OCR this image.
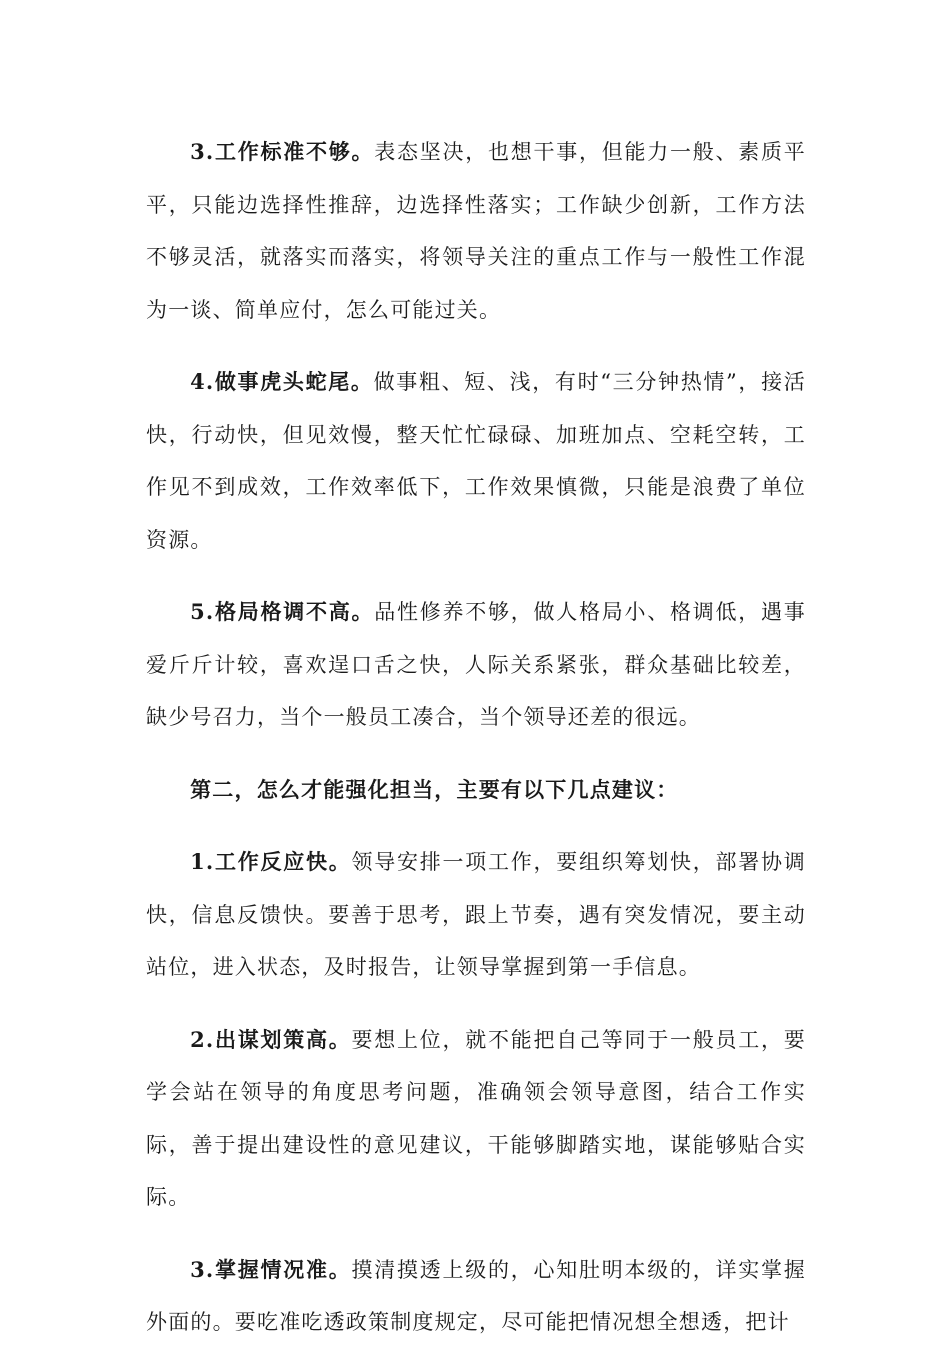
3.工作标准不够。表态坚决，也想干事，但能力一般、素质平平，只能边选择性推辞，边选择性落实；工作缺少创新，工作方法不够灵活，就落实而落实，将领导关注的重点工作与一般性工作混为一谈、简单应付，怎么可能过关。

4.做事虎头蛇尾。做事粗、短、浅，有时“三分钟热情”，接活快，行动快，但见效慢，整天忙忙碌碌、加班加点、空耗空转，工作见不到成效，工作效率低下，工作效果慎微，只能是浪费了单位资源。

5.格局格调不高。品性修养不够，做人格局小、格调低，遇事爱斤斤计较，喜欢逞口舌之快，人际关系紧张，群众基础比较差，缺少号召力，当个一般员工凑合，当个领导还差的很远。

第二，怎么才能强化担当，主要有以下几点建议：

1.工作反应快。领导安排一项工作，要组织筹划快，部署协调快，信息反馈快。要善于思考，跟上节奏，遇有突发情况，要主动站位，进入状态，及时报告，让领导掌握到第一手信息。

2.出谋划策高。要想上位，就不能把自己等同于一般员工，要学会站在领导的角度思考问题，准确领会领导意图，结合工作实际，善于提出建设性的意见建议，干能够脚踏实地，谋能够贴合实际。

3.掌握情况准。摸清摸透上级的，心知肚明本级的，详实掌握外面的。要吃准吃透政策制度规定，尽可能把情况想全想透，把计
